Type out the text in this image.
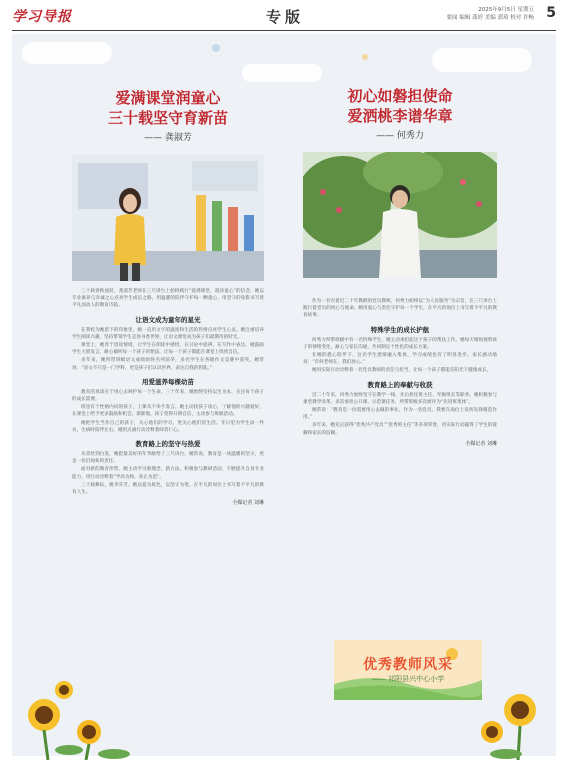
学习导报	专版	2025年9月5日 星期五
要闻 编辑 龚婷 美编 郭琦 校对 许畅 5
爱满课堂润童心
三十载坚守育新苗
—— 龚淑芳
三十载春秋流转，龚淑芳老师在三尺讲台上始终践行“爱满课堂，润泽童心”的信念。她以专业素养与赤诚之心点亮学生成长之路，用温暖的陪伴守护每一颗童心，用坚守的身影书写着平凡而动人的教育诗篇。
让语文成为童年的星光
在我校为她留下的印象里，她一直用文字的温度和生活的热情点亮学生心灵。她注重培养学生阅读兴趣，坚持带领学生走进书香世界，让语文课堂成为孩子们最期待的时光。
课堂上，她善于创设情境，让学生在朗读中感悟，在讨论中思辨，在写作中表达。她鼓励学生大胆发言，耐心倾听每一个孩子的想法，让每一个孩子都能在课堂上找到自信。
多年来，她所带班级语文成绩始终名列前茅，多名学生在各级作文竞赛中获奖。她常说：“语文不只是一门学科，更是孩子们认识世界、表达自我的钥匙。”
用爱滋养每棵幼苗
教育的真谛在于用心去呵护每一个生命。三十年来，她始终坚持以生为本，关注每个孩子的成长需要。
班里有个性格内向的孩子，上课从不举手发言。她主动找孩子谈心，了解他的兴趣爱好，在课堂上给予更多鼓励和机会。渐渐地，孩子变得开朗自信，主动参与班级活动。
她把学生当作自己的孩子，关心他们的学习，更关心他们的生活。冬日里为学生添一件衣，生病时陪伴左右，她用点滴行动诠释着师者仁心。
教育路上的坚守与热爱
从青丝到白发，她把最美好的年华献给了三尺讲台。她常说，教育是一场温暖的坚守，更是一份沉甸甸的责任。
面对新的教育形势，她主动学习新理念、新方法，积极参与教研活动，不断提升自身专业能力，用行动诠释着“学高为师，身正为范”。
三十载耕耘，桃李芬芳。她以爱为底色，以坚守为笔，在平凡的岗位上书写着不平凡的教育人生。
全媒记者 刘琳
初心如磐担使命
爱洒桃李谱华章
—— 何秀力
作为一名有着近二十年教龄的党员教师，何秀力始终以“为人民服务”为宗旨，在三尺讲台上践行着党员的初心与使命。她用爱心与责任守护每一个学生，在平凡的岗位上书写着不平凡的教育故事。
特殊学生的成长护航
何秀力所带班级中有一名特殊学生，她主动承担起这个孩子的帮扶工作。她每天细致观察孩子的情绪变化，耐心与家长沟通，共同制定个性化的成长方案。
在她的悉心陪伴下，这名学生逐渐融入集体，学习成绩也有了明显进步。家长感动地说：“有何老师在，我们放心。”
她用实际行动诠释着一名党员教师的责任与担当，让每一个孩子都能在阳光下健康成长。
教育路上的奉献与收获
近二十年来，何秀力始终坚守在教学一线，先后担任班主任、年级组长等职务。她积极参与课堂教学改革，多次承担公开课、示范课任务，所带班级多次被评为“先进班集体”。
她常说：“教育是一份需要用心去做的事业，作为一名党员，我要在岗位上发挥先锋模范作用。”
多年来，她先后获得“优秀共产党员”“优秀班主任”等多项荣誉，用实际行动赢得了学生的爱戴和家长的信赖。
全媒记者 刘琳
优秀教师风采
—— 祁阳县兴中心小学
